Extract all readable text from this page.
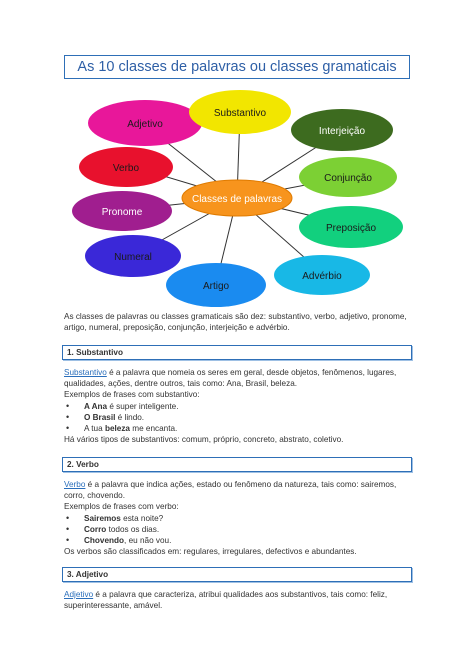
As 10 classes de palavras ou classes gramaticais
Adjetivo
Substantivo
Interjeição
Verbo
Conjunção
Pronome
Preposição
Numeral
Advérbio
Artigo
Classes de palavras
As classes de palavras ou classes gramaticais são dez: substantivo, verbo, adjetivo, pronome, artigo, numeral, preposição, conjunção, interjeição e advérbio.
1. Substantivo

Substantivo é a palavra que nomeia os seres em geral, desde objetos, fenômenos, lugares, qualidades, ações, dentre outros, tais como: Ana, Brasil, beleza.

Exemplos de frases com substantivo:

• A Ana é super inteligente.
• O Brasil é lindo.
• A tua beleza me encanta.

Há vários tipos de substantivos: comum, próprio, concreto, abstrato, coletivo.

2. Verbo

Verbo é a palavra que indica ações, estado ou fenômeno da natureza, tais como: sairemos, corro, chovendo.

Exemplos de frases com verbo:

• Sairemos esta noite?
• Corro todos os dias.
• Chovendo, eu não vou.

Os verbos são classificados em: regulares, irregulares, defectivos e abundantes.

3. Adjetivo

Adjetivo é a palavra que caracteriza, atribui qualidades aos substantivos, tais como: feliz, superinteressante, amável.
